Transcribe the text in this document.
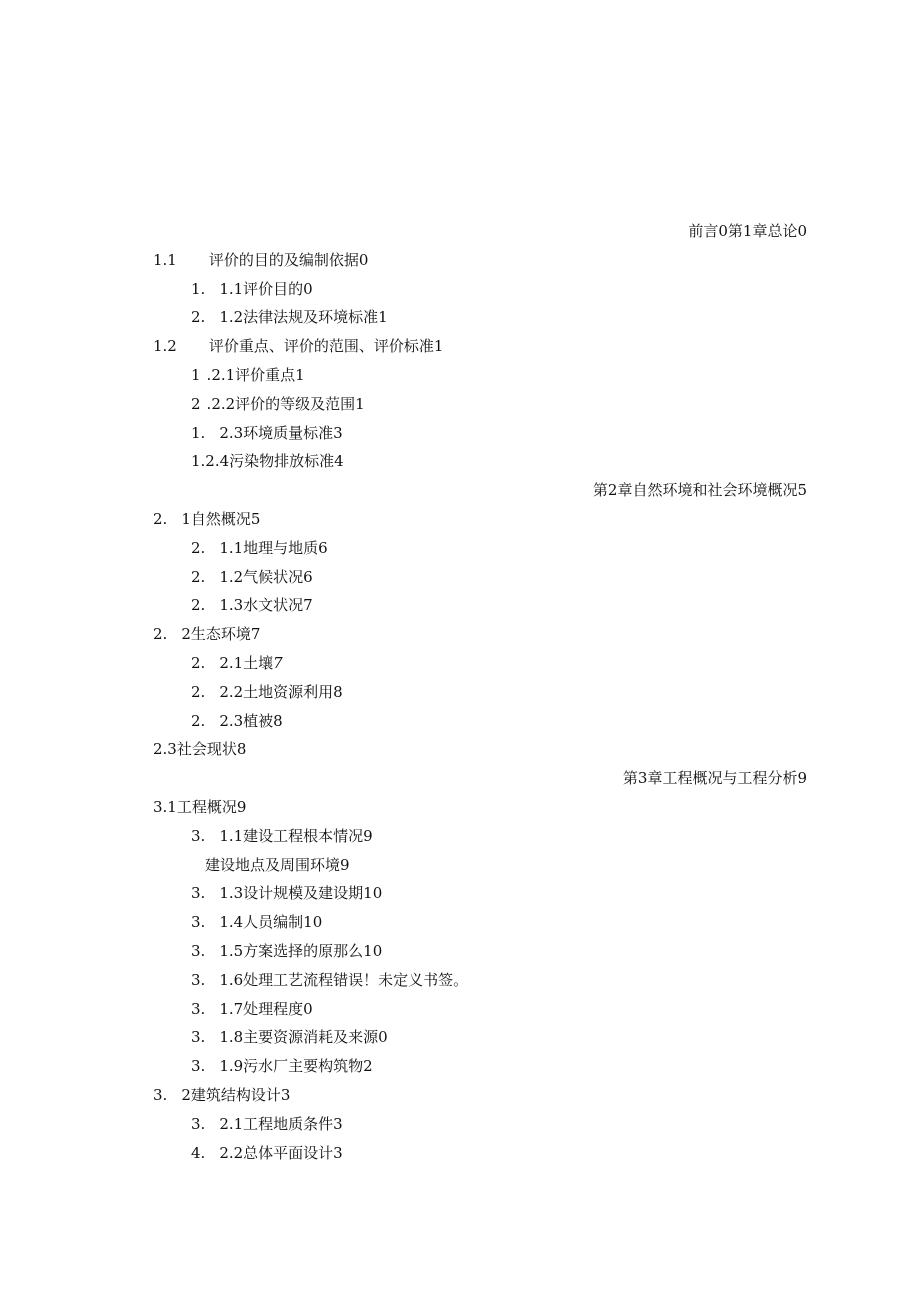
前言0第1章总论0
1.1 评价的目的及编制依据0
1. 1.1评价目的0
2. 1.2法律法规及环境标准1
1.2 评价重点、评价的范围、评价标准1
1 .2.1评价重点1
2 .2.2评价的等级及范围1
1. 2.3环境质量标准3
1.2.4污染物排放标准4
第2章自然环境和社会环境概况5
2. 1自然概况5
2. 1.1地理与地质6
2. 1.2气候状况6
2. 1.3水文状况7
2. 2生态环境7
2. 2.1土壤7
2. 2.2土地资源利用8
2. 2.3植被8
2.3社会现状8
第3章工程概况与工程分析9
3.1工程概况9
3. 1.1建设工程根本情况9
建设地点及周围环境9
3. 1.3设计规模及建设期10
3. 1.4人员编制10
3. 1.5方案选择的原那么10
3. 1.6处理工艺流程错误！未定义书签。
3. 1.7处理程度0
3. 1.8主要资源消耗及来源0
3. 1.9污水厂主要构筑物2
3. 2建筑结构设计3
3. 2.1工程地质条件3
4. 2.2总体平面设计3
